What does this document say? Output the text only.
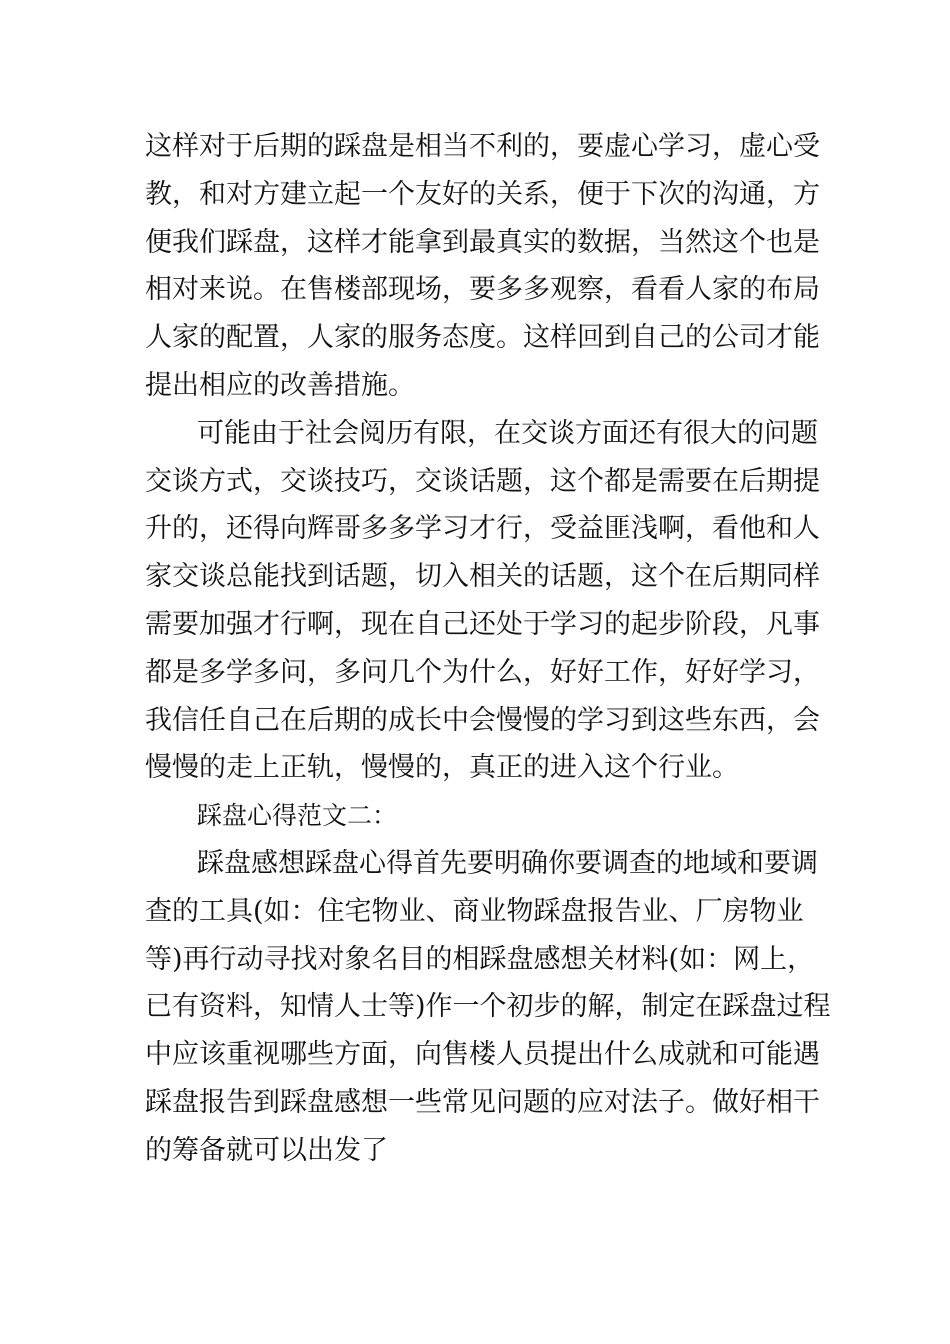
这样对于后期的踩盘是相当不利的，要虚心学习，虚心受
教，和对方建立起一个友好的关系，便于下次的沟通，方
便我们踩盘，这样才能拿到最真实的数据，当然这个也是
相对来说。在售楼部现场，要多多观察，看看人家的布局
人家的配置，人家的服务态度。这样回到自己的公司才能
提出相应的改善措施。
可能由于社会阅历有限，在交谈方面还有很大的问题
交谈方式，交谈技巧，交谈话题，这个都是需要在后期提
升的，还得向辉哥多多学习才行，受益匪浅啊，看他和人
家交谈总能找到话题，切入相关的话题，这个在后期同样
需要加强才行啊，现在自己还处于学习的起步阶段，凡事
都是多学多问，多问几个为什么，好好工作，好好学习，
我信任自己在后期的成长中会慢慢的学习到这些东西，会
慢慢的走上正轨，慢慢的，真正的进入这个行业。
踩盘心得范文二：
踩盘感想踩盘心得首先要明确你要调查的地域和要调
查的工具(如：住宅物业、商业物踩盘报告业、厂房物业
等)再行动寻找对象名目的相踩盘感想关材料(如：网上，
已有资料，知情人士等)作一个初步的解，制定在踩盘过程
中应该重视哪些方面，向售楼人员提出什么成就和可能遇
踩盘报告到踩盘感想一些常见问题的应对法子。做好相干
的筹备就可以出发了
